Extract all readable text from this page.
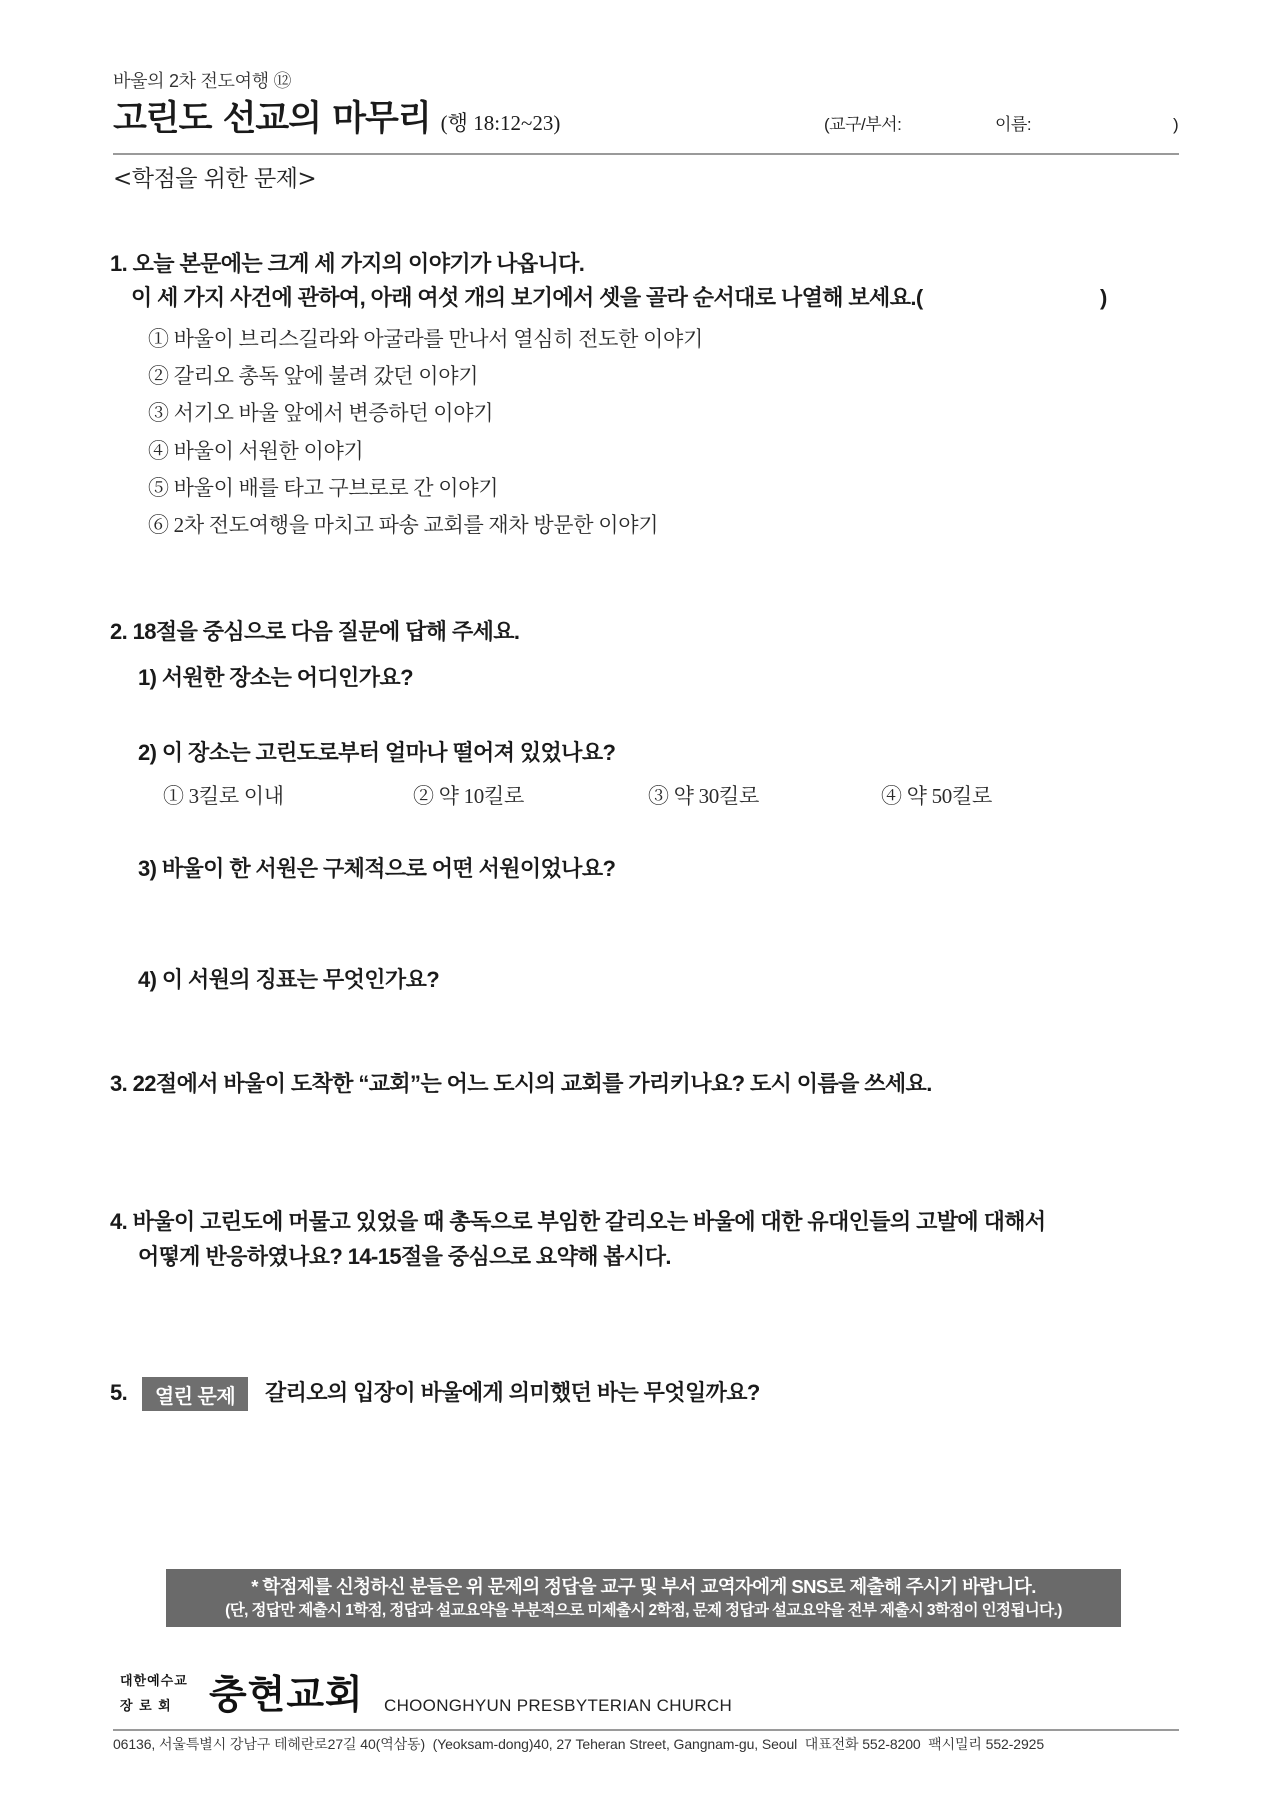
바울의 2차 전도여행 ⑫
고린도 선교의 마무리 (행 18:12~23)	(교구/부서:	이름:	)
<학점을 위한 문제>
1. 오늘 본문에는 크게 세 가지의 이야기가 나옵니다.
이 세 가지 사건에 관하여, 아래 여섯 개의 보기에서 셋을 골라 순서대로 나열해 보세요.(	)
① 바울이 브리스길라와 아굴라를 만나서 열심히 전도한 이야기
② 갈리오 총독 앞에 불려 갔던 이야기
③ 서기오 바울 앞에서 변증하던 이야기
④ 바울이 서원한 이야기
⑤ 바울이 배를 타고 구브로로 간 이야기
⑥ 2차 전도여행을 마치고 파송 교회를 재차 방문한 이야기
2. 18절을 중심으로 다음 질문에 답해 주세요.
1) 서원한 장소는 어디인가요?
2) 이 장소는 고린도로부터 얼마나 떨어져 있었나요?
① 3킬로 이내	② 약 10킬로	③ 약 30킬로	④ 약 50킬로
3) 바울이 한 서원은 구체적으로 어떤 서원이었나요?
4) 이 서원의 징표는 무엇인가요?
3. 22절에서 바울이 도착한 “교회”는 어느 도시의 교회를 가리키나요? 도시 이름을 쓰세요.
4. 바울이 고린도에 머물고 있었을 때 총독으로 부임한 갈리오는 바울에 대한 유대인들의 고발에 대해서
어떻게 반응하였나요? 14-15절을 중심으로 요약해 봅시다.
5.	열린 문제	갈리오의 입장이 바울에게 의미했던 바는 무엇일까요?
* 학점제를 신청하신 분들은 위 문제의 정답을 교구 및 부서 교역자에게 SNS로 제출해 주시기 바랍니다.
(단, 정답만 제출시 1학점, 정답과 설교요약을 부분적으로 미제출시 2학점, 문제 정답과 설교요약을 전부 제출시 3학점이 인정됩니다.)
대한예수교
장 로 회 충현교회 CHOONGHYUN PRESBYTERIAN CHURCH
06136, 서울특별시 강남구 테헤란로27길 40(역삼동)  (Yeoksam-dong)40, 27 Teheran Street, Gangnam-gu, Seoul  대표전화 552-8200  팩시밀리 552-2925
